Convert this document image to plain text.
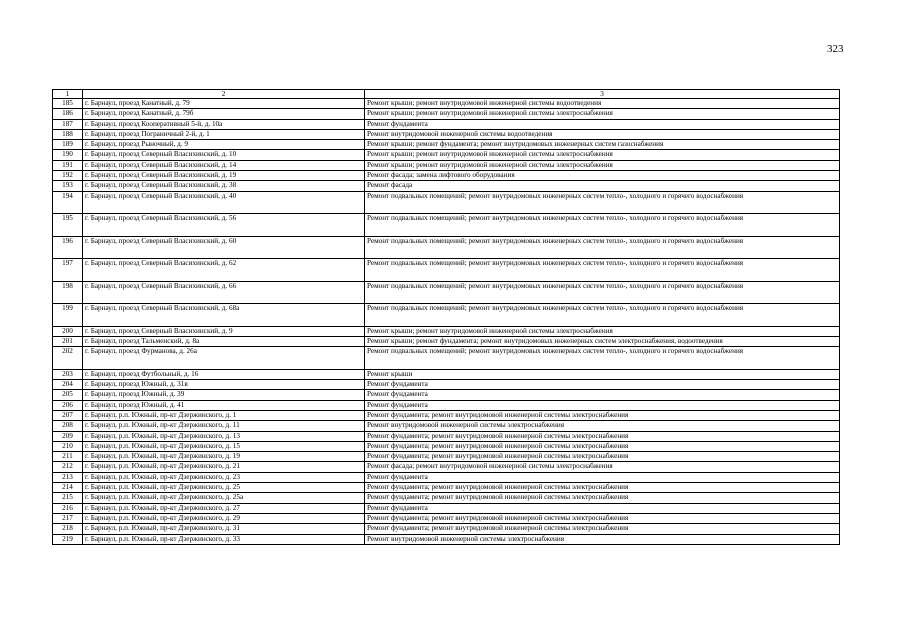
323
1	2	3
185	г. Барнаул, проезд Канатный, д. 79	Ремонт крыши; ремонт внутридомовой инженерной системы водоотведения
186	г. Барнаул, проезд Канатный, д. 79б	Ремонт крыши; ремонт внутридомовой инженерной системы электроснабжения
187	г. Барнаул, проезд Кооперативный 5-й, д. 10а	Ремонт фундамента
188	г. Барнаул, проезд Пограничный 2-й, д. 1	Ремонт внутридомовой инженерной системы водоотведения
189	г. Барнаул, проезд Рыночный, д. 9	Ремонт крыши; ремонт фундамента; ремонт внутридомовых инженерных систем газоснабжения
190	г. Барнаул, проезд Северный Власихинский, д. 10	Ремонт крыши; ремонт внутридомовой инженерной системы электроснабжения
191	г. Барнаул, проезд Северный Власихинский, д. 14	Ремонт крыши; ремонт внутридомовой инженерной системы электроснабжения
192	г. Барнаул, проезд Северный Власихинский, д. 19	Ремонт фасада; замена лифтового оборудования
193	г. Барнаул, проезд Северный Власихинский, д. 38	Ремонт фасада
194	г. Барнаул, проезд Северный Власихинский, д. 40	Ремонт подвальных помещений; ремонт внутридомовых инженерных систем тепло-, холодного и горячего водоснабжения
195	г. Барнаул, проезд Северный Власихинский, д. 56	Ремонт подвальных помещений; ремонт внутридомовых инженерных систем тепло-, холодного и горячего водоснабжения
196	г. Барнаул, проезд Северный Власихинский, д. 60	Ремонт подвальных помещений; ремонт внутридомовых инженерных систем тепло-, холодного и горячего водоснабжения
197	г. Барнаул, проезд Северный Власихинский, д. 62	Ремонт подвальных помещений; ремонт внутридомовых инженерных систем тепло-, холодного и горячего водоснабжения
198	г. Барнаул, проезд Северный Власихинский, д. 66	Ремонт подвальных помещений; ремонт внутридомовых инженерных систем тепло-, холодного и горячего водоснабжения
199	г. Барнаул, проезд Северный Власихинский, д. 68а	Ремонт подвальных помещений; ремонт внутридомовых инженерных систем тепло-, холодного и горячего водоснабжения
200	г. Барнаул, проезд Северный Власихинский, д. 9	Ремонт крыши; ремонт внутридомовой инженерной системы электроснабжения
201	г. Барнаул, проезд Тальменский, д. 8а	Ремонт крыши; ремонт фундамента; ремонт внутридомовых инженерных систем электроснабжения, водоотведения
202	г. Барнаул, проезд Фурманова, д. 26а	Ремонт подвальных помещений; ремонт внутридомовых инженерных систем тепло-, холодного и горячего водоснабжения
203	г. Барнаул, проезд Футбольный, д. 16	Ремонт крыши
204	г. Барнаул, проезд Южный, д. 31в	Ремонт фундамента
205	г. Барнаул, проезд Южный, д. 39	Ремонт фундамента
206	г. Барнаул, проезд Южный, д. 41	Ремонт фундамента
207	г. Барнаул, р.п. Южный, пр-кт Дзержинского, д. 1	Ремонт фундамента; ремонт внутридомовой инженерной системы электроснабжения
208	г. Барнаул, р.п. Южный, пр-кт Дзержинского, д. 11	Ремонт внутридомовой инженерной системы электроснабжения
209	г. Барнаул, р.п. Южный, пр-кт Дзержинского, д. 13	Ремонт фундамента; ремонт внутридомовой инженерной системы электроснабжения
210	г. Барнаул, р.п. Южный, пр-кт Дзержинского, д. 15	Ремонт фундамента; ремонт внутридомовой инженерной системы электроснабжения
211	г. Барнаул, р.п. Южный, пр-кт Дзержинского, д. 19	Ремонт фундамента; ремонт внутридомовой инженерной системы электроснабжения
212	г. Барнаул, р.п. Южный, пр-кт Дзержинского, д. 21	Ремонт фасада; ремонт внутридомовой инженерной системы электроснабжения
213	г. Барнаул, р.п. Южный, пр-кт Дзержинского, д. 23	Ремонт фундамента
214	г. Барнаул, р.п. Южный, пр-кт Дзержинского, д. 25	Ремонт фундамента; ремонт внутридомовой инженерной системы электроснабжения
215	г. Барнаул, р.п. Южный, пр-кт Дзержинского, д. 25а	Ремонт фундамента; ремонт внутридомовой инженерной системы электроснабжения
216	г. Барнаул, р.п. Южный, пр-кт Дзержинского, д. 27	Ремонт фундамента
217	г. Барнаул, р.п. Южный, пр-кт Дзержинского, д. 29	Ремонт фундамента; ремонт внутридомовой инженерной системы электроснабжения
218	г. Барнаул, р.п. Южный, пр-кт Дзержинского, д. 31	Ремонт фундамента; ремонт внутридомовой инженерной системы электроснабжения
219	г. Барнаул, р.п. Южный, пр-кт Дзержинского, д. 33	Ремонт внутридомовой инженерной системы электроснабжения
